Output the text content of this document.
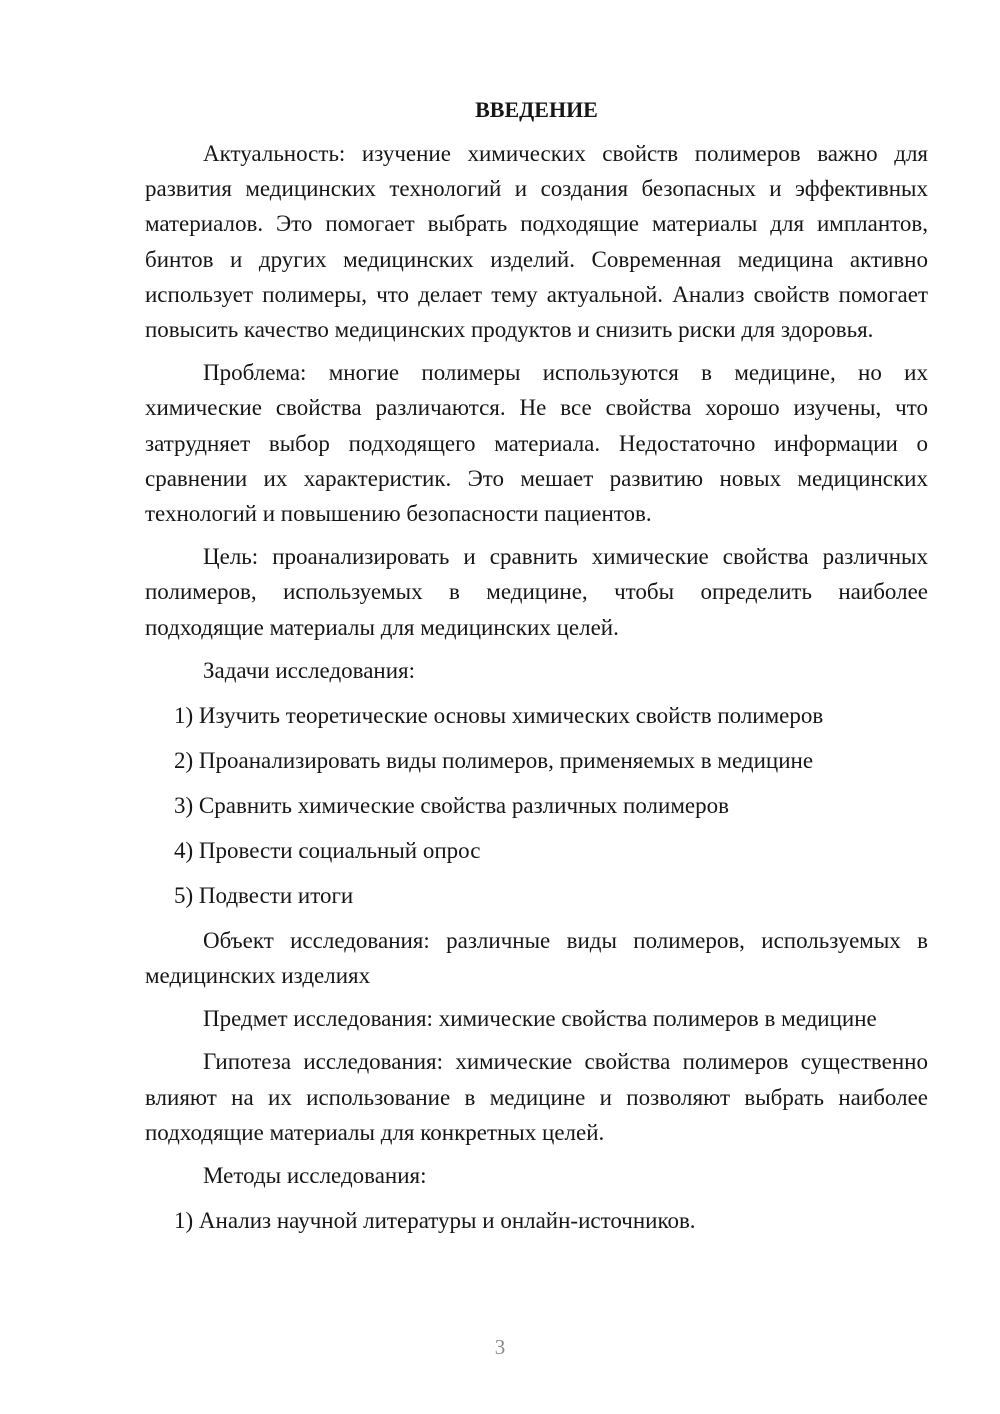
ВВЕДЕНИЕ

Актуальность: изучение химических свойств полимеров важно для развития медицинских технологий и создания безопасных и эффективных материалов. Это помогает выбрать подходящие материалы для имплантов, бинтов и других медицинских изделий. Современная медицина активно использует полимеры, что делает тему актуальной. Анализ свойств помогает повысить качество медицинских продуктов и снизить риски для здоровья.

Проблема: многие полимеры используются в медицине, но их химические свойства различаются. Не все свойства хорошо изучены, что затрудняет выбор подходящего материала. Недостаточно информации о сравнении их характеристик. Это мешает развитию новых медицинских технологий и повышению безопасности пациентов.

Цель: проанализировать и сравнить химические свойства различных полимеров, используемых в медицине, чтобы определить наиболее подходящие материалы для медицинских целей.

Задачи исследования:
1) Изучить теоретические основы химических свойств полимеров
2) Проанализировать виды полимеров, применяемых в медицине
3) Сравнить химические свойства различных полимеров
4) Провести социальный опрос
5) Подвести итоги

Объект исследования: различные виды полимеров, используемых в медицинских изделиях

Предмет исследования: химические свойства полимеров в медицине

Гипотеза исследования: химические свойства полимеров существенно влияют на их использование в медицине и позволяют выбрать наиболее подходящие материалы для конкретных целей.

Методы исследования:
1) Анализ научной литературы и онлайн-источников.
3
